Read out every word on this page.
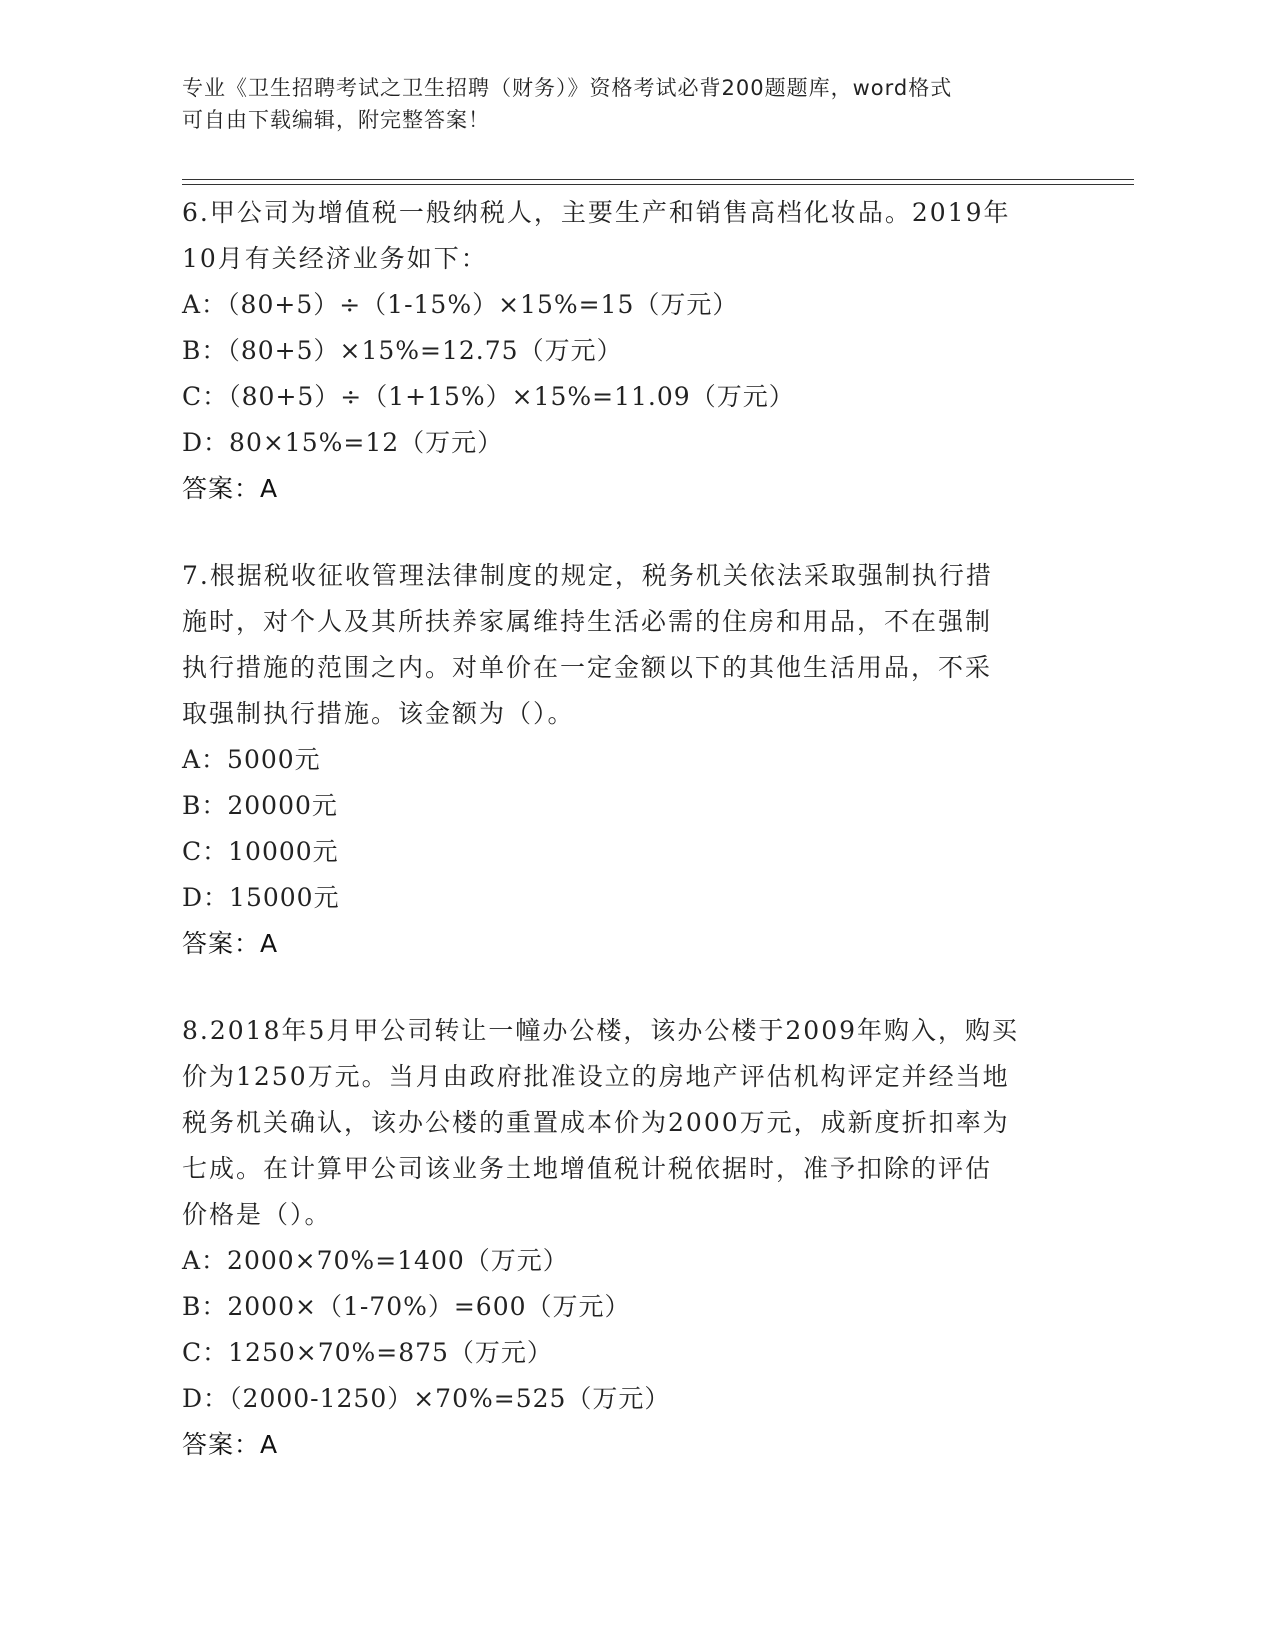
专业《卫生招聘考试之卫生招聘（财务）》资格考试必背200题题库，word格式
可自由下载编辑，附完整答案！
6.甲公司为增值税一般纳税人，主要生产和销售高档化妆品。2019年
10月有关经济业务如下：
A：（80+5）÷（1-15%）×15%=15（万元）
B：（80+5）×15%=12.75（万元）
C：（80+5）÷（1+15%）×15%=11.09（万元）
D：80×15%=12（万元）
答案：A
7.根据税收征收管理法律制度的规定，税务机关依法采取强制执行措
施时，对个人及其所扶养家属维持生活必需的住房和用品，不在强制
执行措施的范围之内。对单价在一定金额以下的其他生活用品，不采
取强制执行措施。该金额为（）。
A：5000元
B：20000元
C：10000元
D：15000元
答案：A
8.2018年5月甲公司转让一幢办公楼，该办公楼于2009年购入，购买
价为1250万元。当月由政府批准设立的房地产评估机构评定并经当地
税务机关确认，该办公楼的重置成本价为2000万元，成新度折扣率为
七成。在计算甲公司该业务土地增值税计税依据时，准予扣除的评估
价格是（）。
A：2000×70%=1400（万元）
B：2000×（1-70%）=600（万元）
C：1250×70%=875（万元）
D：（2000-1250）×70%=525（万元）
答案：A
